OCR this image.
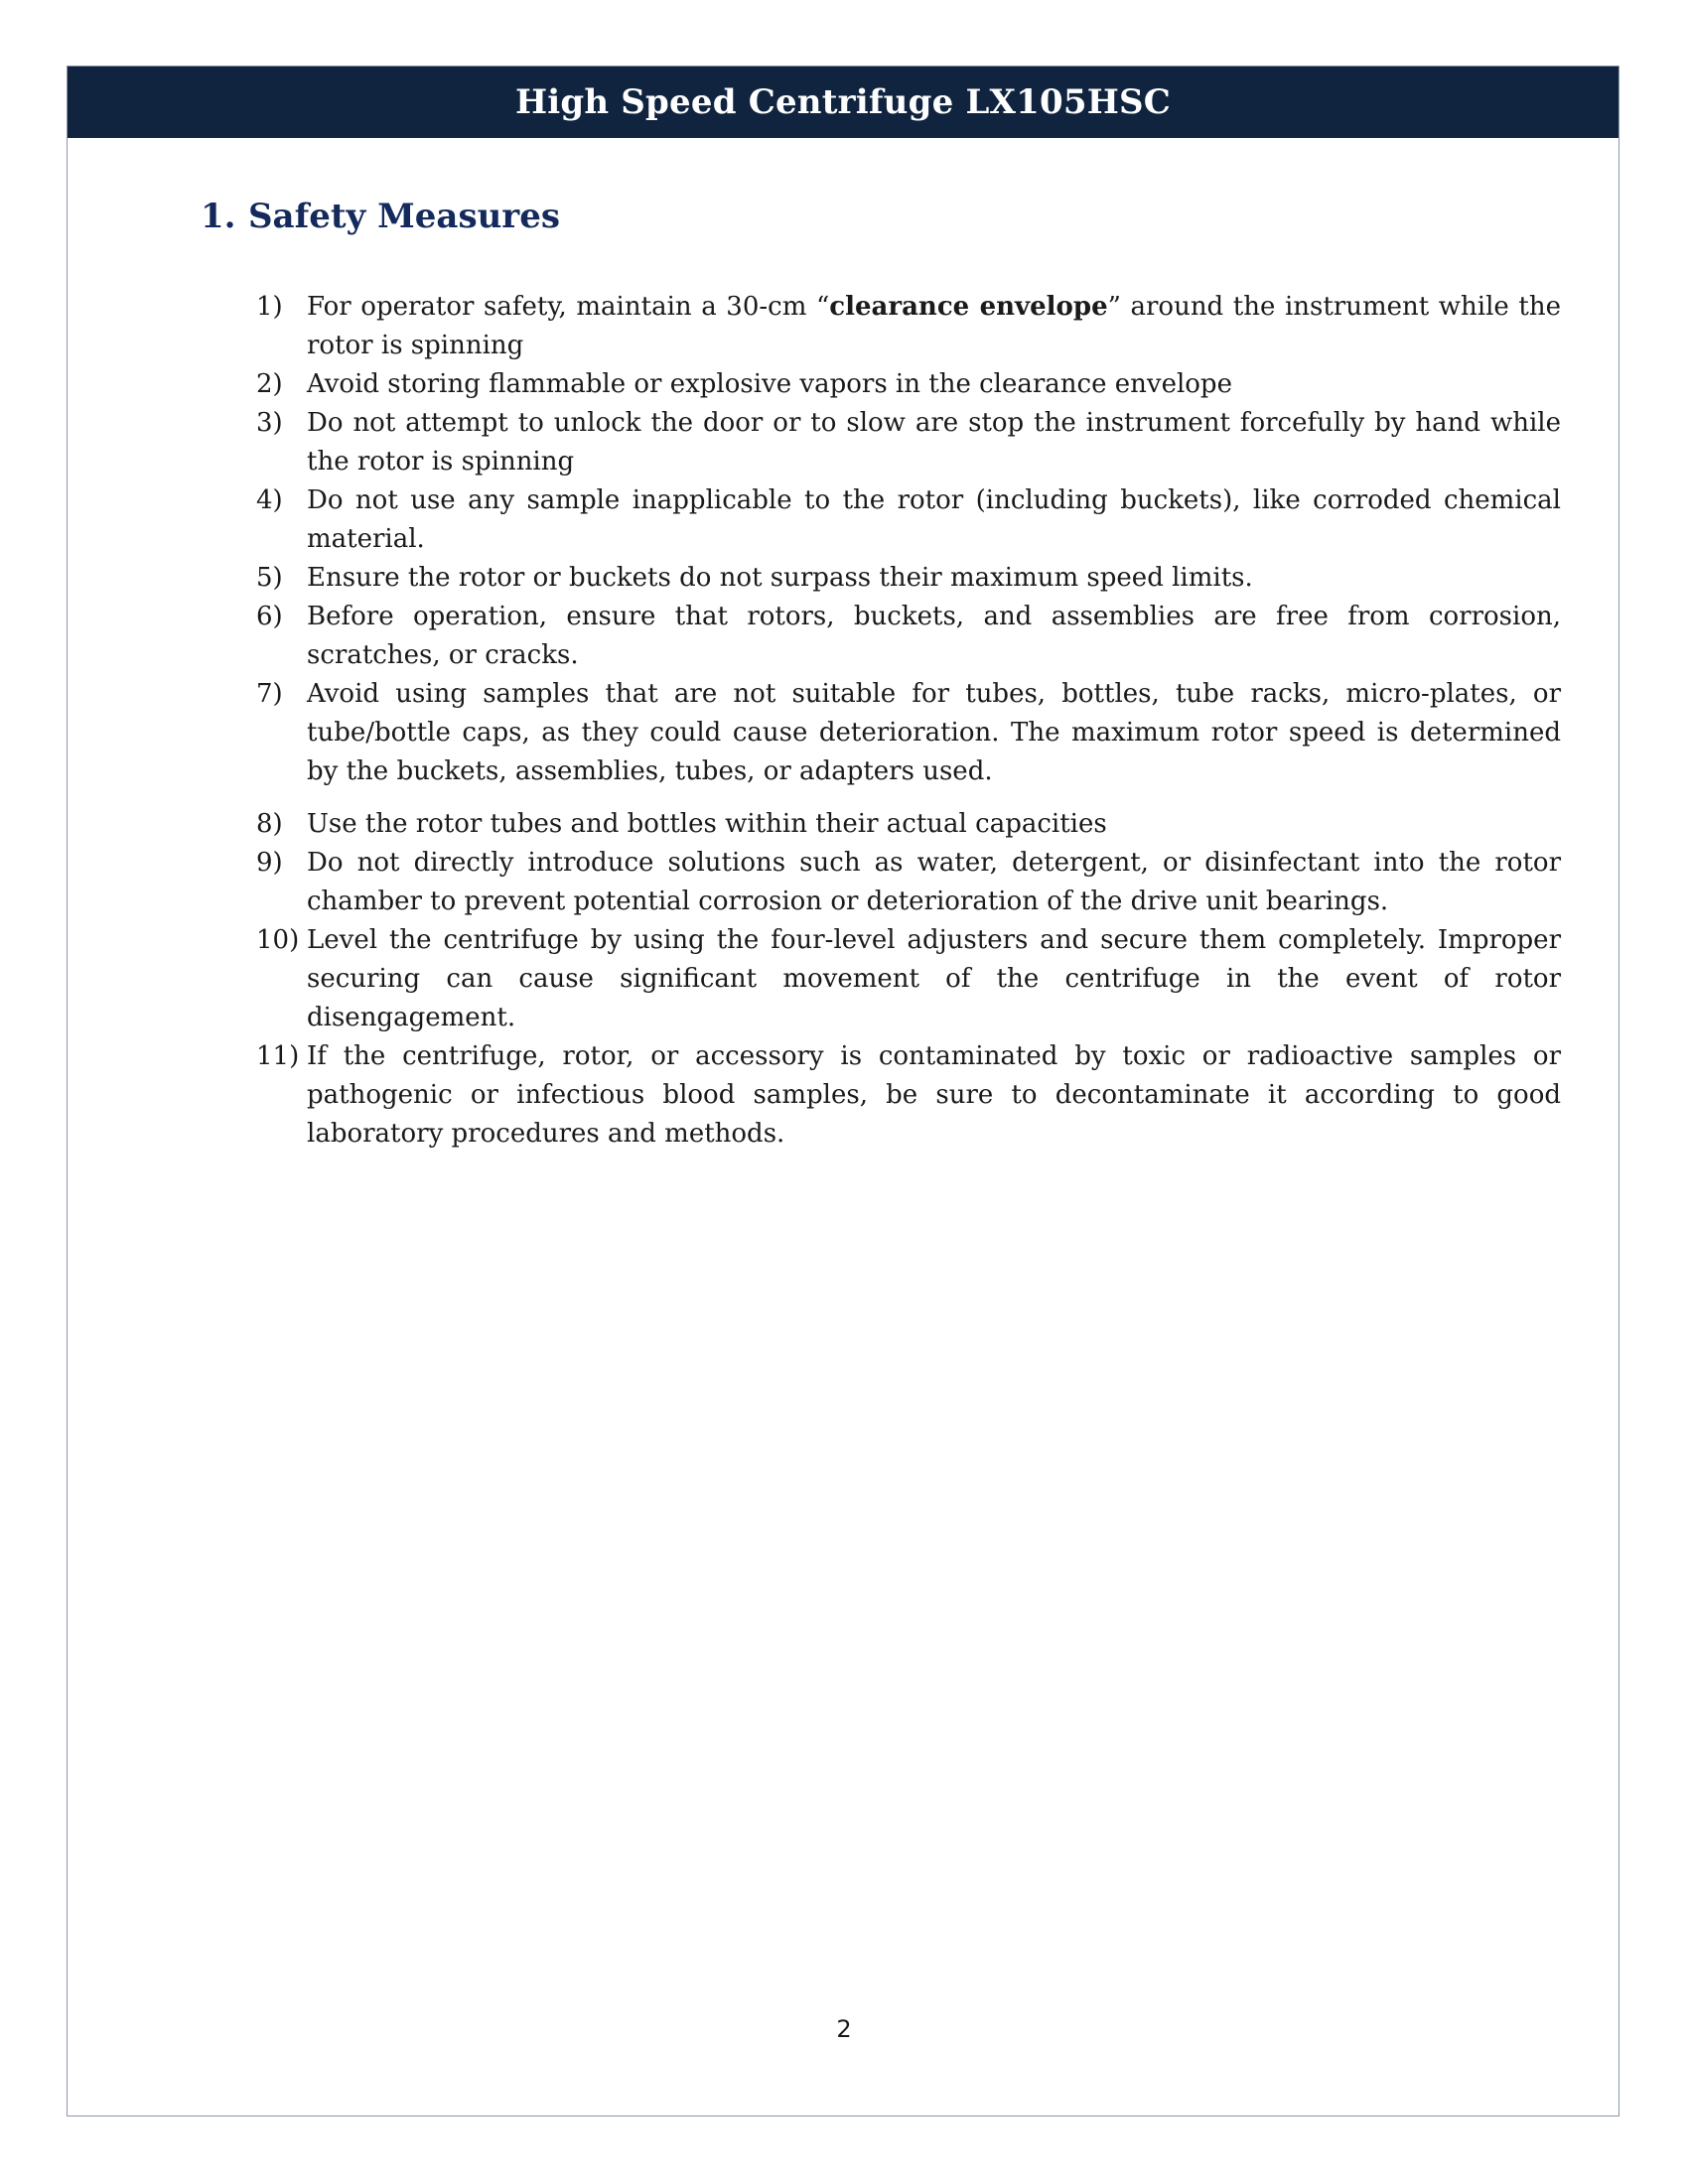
High Speed Centrifuge LX105HSC
1. Safety Measures
1) For operator safety, maintain a 30-cm “clearance envelope” around the instrument while the rotor is spinning
2) Avoid storing flammable or explosive vapors in the clearance envelope
3) Do not attempt to unlock the door or to slow are stop the instrument forcefully by hand while the rotor is spinning
4) Do not use any sample inapplicable to the rotor (including buckets), like corroded chemical material.
5) Ensure the rotor or buckets do not surpass their maximum speed limits.
6) Before operation, ensure that rotors, buckets, and assemblies are free from corrosion, scratches, or cracks.
7) Avoid using samples that are not suitable for tubes, bottles, tube racks, micro-plates, or tube/bottle caps, as they could cause deterioration. The maximum rotor speed is determined by the buckets, assemblies, tubes, or adapters used.
8) Use the rotor tubes and bottles within their actual capacities
9) Do not directly introduce solutions such as water, detergent, or disinfectant into the rotor chamber to prevent potential corrosion or deterioration of the drive unit bearings.
10) Level the centrifuge by using the four-level adjusters and secure them completely. Improper securing can cause significant movement of the centrifuge in the event of rotor disengagement.
11) If the centrifuge, rotor, or accessory is contaminated by toxic or radioactive samples or pathogenic or infectious blood samples, be sure to decontaminate it according to good laboratory procedures and methods.
2
